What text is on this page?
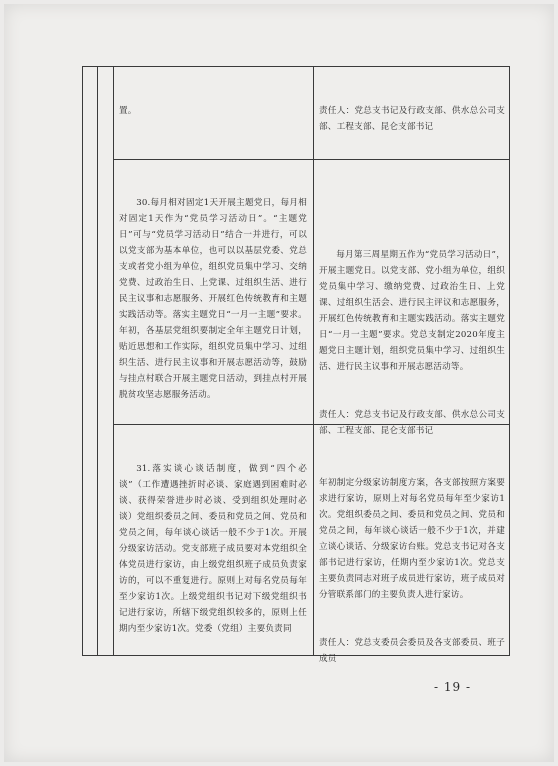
置。

	责任人：党总支书记及行政支部、供水总公司支部、工程支部、昆仑支部书记

30.每月相对固定1天开展主题党日，每月相对固定1天作为“党员学习活动日”。“主题党日”可与“党员学习活动日”结合一并进行，可以以党支部为基本单位，也可以以基层党委、党总支或者党小组为单位，组织党员集中学习、交纳党费、过政治生日、上党课、过组织生活、进行民主议事和志愿服务、开展红色传统教育和主题实践活动等。落实主题党日“一月一主题”要求。年初，各基层党组织要制定全年主题党日计划，贴近思想和工作实际，组织党员集中学习、过组织生活、进行民主议事和开展志愿活动等，鼓励与挂点村联合开展主题党日活动，到挂点村开展脱贫攻坚志愿服务活动。

每月第三周星期五作为“党员学习活动日”，开展主题党日。以党支部、党小组为单位，组织党员集中学习、缴纳党费、过政治生日、上党课、过组织生活会、进行民主评议和志愿服务，开展红色传统教育和主题实践活动。落实主题党日“一月一主题”要求。党总支制定2020年度主题党日主题计划，组织党员集中学习、过组织生活、进行民主议事和开展志愿活动等。

责任人：党总支书记及行政支部、供水总公司支部、工程支部、昆仑支部书记

31.落实谈心谈话制度，做到“四个必谈”（工作遭遇挫折时必谈、家庭遇到困难时必谈、获得荣誉进步时必谈、受到组织处理时必谈）党组织委员之间、委员和党员之间、党员和党员之间，每年谈心谈话一般不少于1次。开展分级家访活动。党支部班子成员要对本党组织全体党员进行家访，由上级党组织班子成员负责家访的，可以不重复进行。原则上对每名党员每年至少家访1次。上级党组织书记对下级党组织书记进行家访，所辖下级党组织较多的，原则上任期内至少家访1次。党委（党组）主要负责同

年初制定分级家访制度方案，各支部按照方案要求进行家访，原则上对每名党员每年至少家访1次。党组织委员之间、委员和党员之间、党员和党员之间，每年谈心谈话一般不少于1次，并建立谈心谈话、分级家访台账。党总支书记对各支部书记进行家访，任期内至少家访1次。党总支主要负责同志对班子成员进行家访，班子成员对分管联系部门的主要负责人进行家访。

责任人：党总支委员会委员及各支部委员、班子成员

- 19 -
